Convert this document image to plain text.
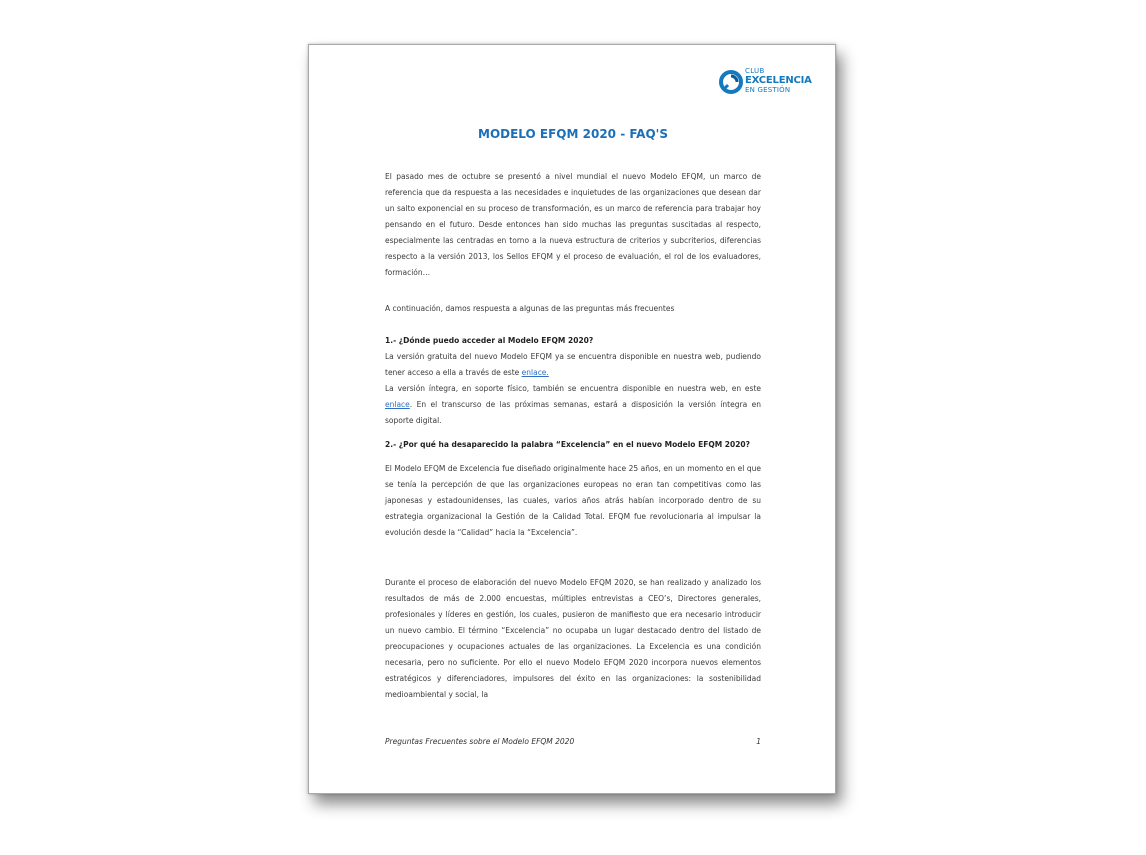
CLUB
EXCELENCIA
EN GESTIÓN
MODELO EFQM 2020 - FAQ'S

El pasado mes de octubre se presentó a nivel mundial el nuevo Modelo EFQM, un marco de referencia que da respuesta a las necesidades e inquietudes de las organizaciones que desean dar un salto exponencial en su proceso de transformación, es un marco de referencia para trabajar hoy pensando en el futuro. Desde entonces han sido muchas las preguntas suscitadas al respecto, especialmente las centradas en torno a la nueva estructura de criterios y subcriterios, diferencias respecto a la versión 2013, los Sellos EFQM y el proceso de evaluación, el rol de los evaluadores, formación…

A continuación, damos respuesta a algunas de las preguntas más frecuentes

1.- ¿Dónde puedo acceder al Modelo EFQM 2020?

La versión gratuita del nuevo Modelo EFQM ya se encuentra disponible en nuestra web, pudiendo tener acceso a ella a través de este enlace.

La versión íntegra, en soporte físico, también se encuentra disponible en nuestra web, en este enlace. En el transcurso de las próximas semanas, estará a disposición la versión íntegra en soporte digital.

2.- ¿Por qué ha desaparecido la palabra “Excelencia” en el nuevo Modelo EFQM 2020?

El Modelo EFQM de Excelencia fue diseñado originalmente hace 25 años, en un momento en el que se tenía la percepción de que las organizaciones europeas no eran tan competitivas como las japonesas y estadounidenses, las cuales, varios años atrás habían incorporado dentro de su estrategia organizacional la Gestión de la Calidad Total. EFQM fue revolucionaria al impulsar la evolución desde la “Calidad” hacia la “Excelencia”.

Durante el proceso de elaboración del nuevo Modelo EFQM 2020, se han realizado y analizado los resultados de más de 2.000 encuestas, múltiples entrevistas a CEO’s, Directores generales, profesionales y líderes en gestión, los cuales, pusieron de manifiesto que era necesario introducir un nuevo cambio. El término “Excelencia” no ocupaba un lugar destacado dentro del listado de preocupaciones y ocupaciones actuales de las organizaciones. La Excelencia es una condición necesaria, pero no suficiente. Por ello el nuevo Modelo EFQM 2020 incorpora nuevos elementos estratégicos y diferenciadores, impulsores del éxito en las organizaciones: la sostenibilidad medioambiental y social, la

Preguntas Frecuentes sobre el Modelo EFQM 2020	1
